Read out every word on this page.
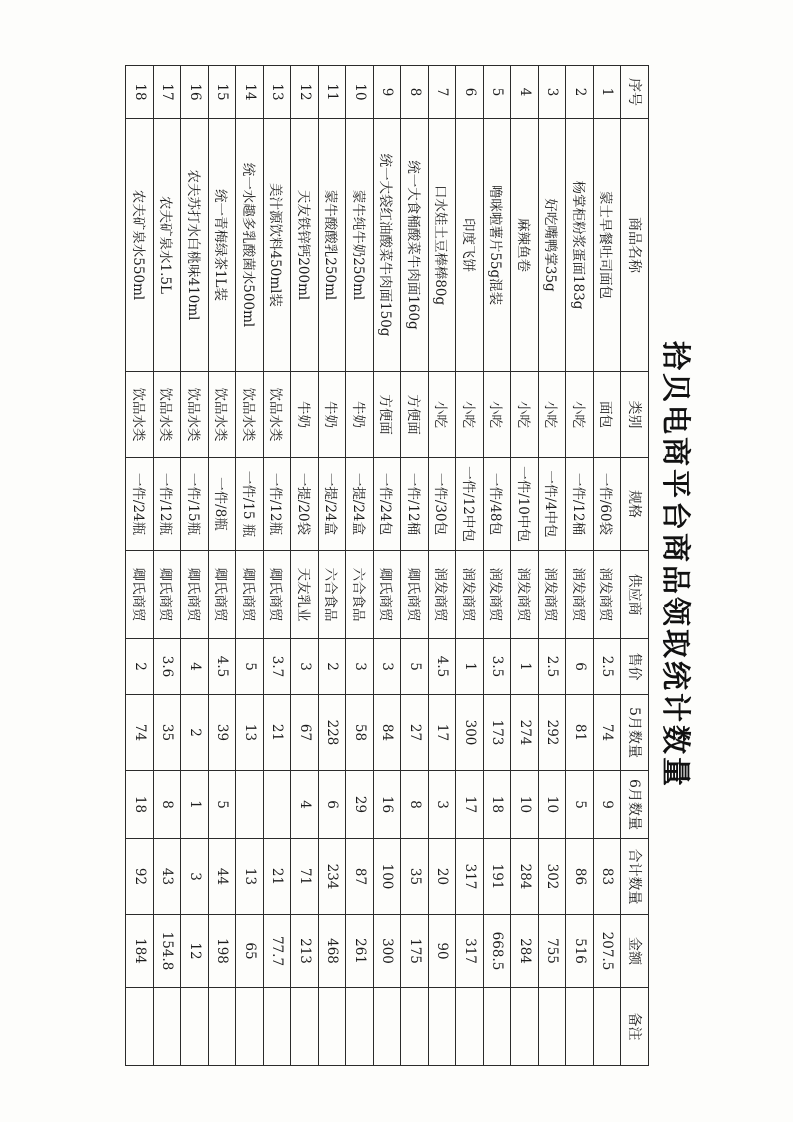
拾贝电商平台商品领取统计数量
序号	商品名称	类别	规格	供应商	售价	5月数量	6月数量	合计数量	金额	备注
1	蒙士早餐吐司面包	面包	一件/60袋	润发商贸	2.5	74	9	83	207.5	
2	杨掌柜粉浆蛋面183g	小吃	一件/12桶	润发商贸	6	81	5	86	516	
3	好吃嘴鸭掌35g	小吃	一件/4中包	润发商贸	2.5	292	10	302	755	
4	麻辣鱼卷	小吃	一件/10中包	润发商贸	1	274	10	284	284	
5	噜咪啦薯片55g混装	小吃	一件/48包	润发商贸	3.5	173	18	191	668.5	
6	印度飞饼	小吃	一件/12中包	润发商贸	1	300	17	317	317	
7	口水娃土豆棒棒80g	小吃	一件/30包	润发商贸	4.5	17	3	20	90	
8	统一大食桶酸菜牛肉面160g	方便面	一件/12桶	卿氏商贸	5	27	8	35	175	
9	统一大袋红油酸菜牛肉面150g	方便面	一件/24包	卿氏商贸	3	84	16	100	300	
10	蒙牛纯牛奶250ml	牛奶	一提/24盒	六合食品	3	58	29	87	261	
11	蒙牛酸酸乳250ml	牛奶	一提/24盒	六合食品	2	228	6	234	468	
12	天友铁锌钙200ml	牛奶	一提/20袋	天友乳业	3	67	4	71	213	
13	美汁源饮料450ml装	饮品水类	一件/12瓶	卿氏商贸	3.7	21		21	77.7	
14	统一水趣多乳酸菌水500ml	饮品水类	一件/15 瓶	卿氏商贸	5	13		13	65	
15	统一青梅绿茶1L装	饮品水类	一件/8瓶	卿氏商贸	4.5	39	5	44	198	
16	农夫苏打水白桃味410ml	饮品水类	一件/15瓶	卿氏商贸	4	2	1	3	12	
17	农夫矿泉水1.5L	饮品水类	一件/12瓶	卿氏商贸	3.6	35	8	43	154.8	
18	农夫矿泉水550ml	饮品水类	一件/24瓶	卿氏商贸	2	74	18	92	184	
